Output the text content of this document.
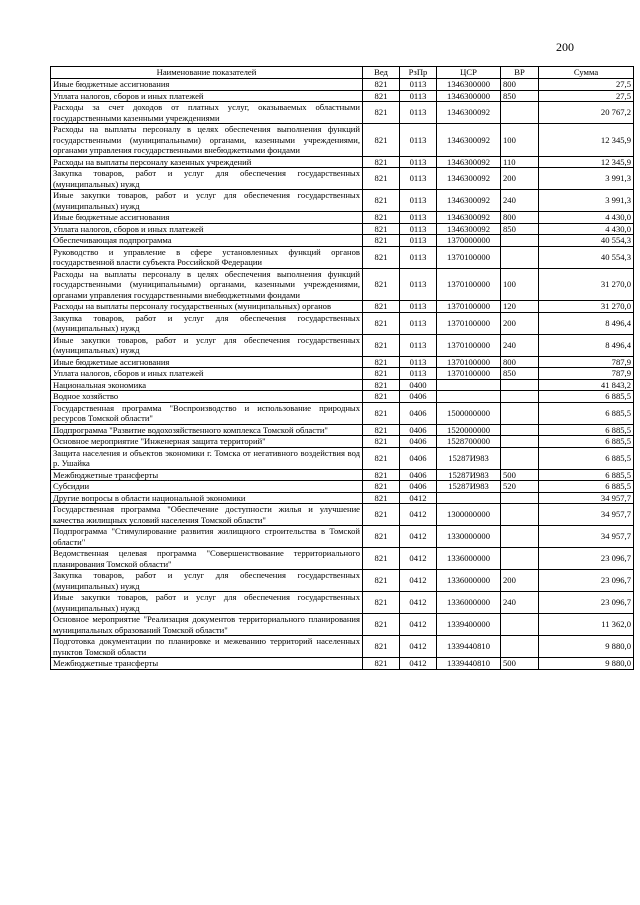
200
Наименование показателей	Вед	РзПр	ЦСР	ВР	Сумма
Иные бюджетные ассигнования	821	0113	1346300000	800	27,5
Уплата налогов, сборов и иных платежей	821	0113	1346300000	850	27,5
Расходы за счет доходов от платных услуг, оказываемых областными государственными казенными учреждениями	821	0113	1346300092		20 767,2
Расходы на выплаты персоналу в целях обеспечения выполнения функций государственными (муниципальными) органами, казенными учреждениями, органами управления государственными внебюджетными фондами	821	0113	1346300092	100	12 345,9
Расходы на выплаты персоналу казенных учреждений	821	0113	1346300092	110	12 345,9
Закупка товаров, работ и услуг для обеспечения государственных (муниципальных) нужд	821	0113	1346300092	200	3 991,3
Иные закупки товаров, работ и услуг для обеспечения государственных (муниципальных) нужд	821	0113	1346300092	240	3 991,3
Иные бюджетные ассигнования	821	0113	1346300092	800	4 430,0
Уплата налогов, сборов и иных платежей	821	0113	1346300092	850	4 430,0
Обеспечивающая подпрограмма	821	0113	1370000000		40 554,3
Руководство и управление в сфере установленных функций органов государственной власти субъекта Российской Федерации	821	0113	1370100000		40 554,3
Расходы на выплаты персоналу в целях обеспечения выполнения функций государственными (муниципальными) органами, казенными учреждениями, органами управления государственными внебюджетными фондами	821	0113	1370100000	100	31 270,0
Расходы на выплаты персоналу государственных (муниципальных) органов	821	0113	1370100000	120	31 270,0
Закупка товаров, работ и услуг для обеспечения государственных (муниципальных) нужд	821	0113	1370100000	200	8 496,4
Иные закупки товаров, работ и услуг для обеспечения государственных (муниципальных) нужд	821	0113	1370100000	240	8 496,4
Иные бюджетные ассигнования	821	0113	1370100000	800	787,9
Уплата налогов, сборов и иных платежей	821	0113	1370100000	850	787,9
Национальная экономика	821	0400			41 843,2
Водное хозяйство	821	0406			6 885,5
Государственная программа "Воспроизводство и использование природных ресурсов Томской области"	821	0406	1500000000		6 885,5
Подпрограмма "Развитие водохозяйственного комплекса Томской области"	821	0406	1520000000		6 885,5
Основное мероприятие "Инженерная защита территорий"	821	0406	1528700000		6 885,5
Защита населения и объектов экономики г. Томска от негативного воздействия вод р. Ушайка	821	0406	15287И983		6 885,5
Межбюджетные трансферты	821	0406	15287И983	500	6 885,5
Субсидии	821	0406	15287И983	520	6 885,5
Другие вопросы в области национальной экономики	821	0412			34 957,7
Государственная программа "Обеспечение доступности жилья и улучшение качества жилищных условий населения Томской области"	821	0412	1300000000		34 957,7
Подпрограмма "Стимулирование развития жилищного строительства в Томской области"	821	0412	1330000000		34 957,7
Ведомственная целевая программа "Совершенствование территориального планирования Томской области"	821	0412	1336000000		23 096,7
Закупка товаров, работ и услуг для обеспечения государственных (муниципальных) нужд	821	0412	1336000000	200	23 096,7
Иные закупки товаров, работ и услуг для обеспечения государственных (муниципальных) нужд	821	0412	1336000000	240	23 096,7
Основное мероприятие "Реализация документов территориального планирования муниципальных образований Томской области"	821	0412	1339400000		11 362,0
Подготовка документации по планировке и межеванию территорий населенных пунктов Томской области	821	0412	1339440810		9 880,0
Межбюджетные трансферты	821	0412	1339440810	500	9 880,0
